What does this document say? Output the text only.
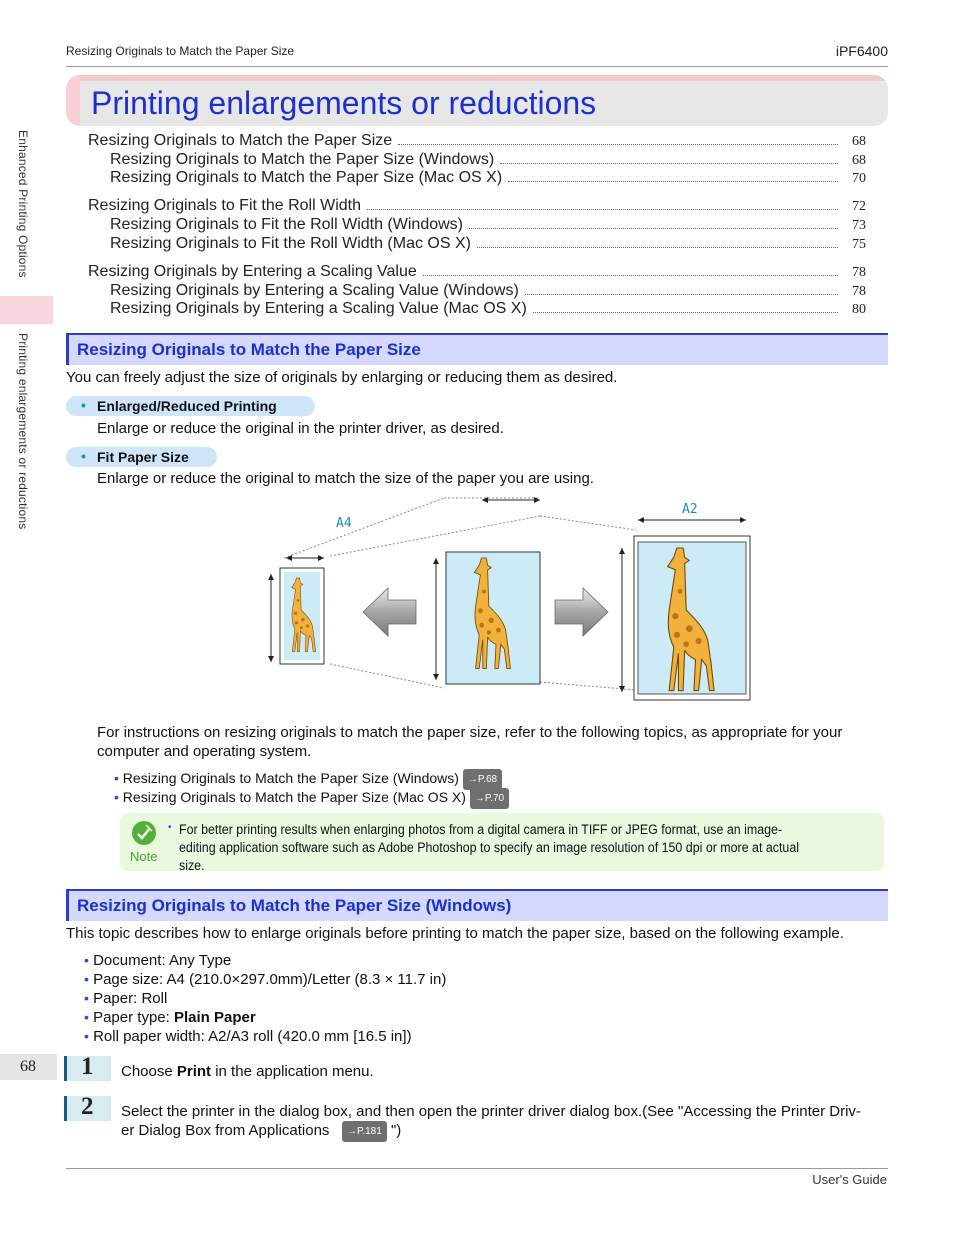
Resizing Originals to Match the Paper Size	iPF6400
Enhanced Printing Options
Printing enlargements or reductions
Printing enlargements or reductions
Resizing Originals to Match the Paper Size	68
Resizing Originals to Match the Paper Size (Windows)	68
Resizing Originals to Match the Paper Size (Mac OS X)	70
Resizing Originals to Fit the Roll Width	72
Resizing Originals to Fit the Roll Width (Windows)	73
Resizing Originals to Fit the Roll Width (Mac OS X)	75
Resizing Originals by Entering a Scaling Value	78
Resizing Originals by Entering a Scaling Value (Windows)	78
Resizing Originals by Entering a Scaling Value (Mac OS X)	80
Resizing Originals to Match the Paper Size
You can freely adjust the size of originals by enlarging or reducing them as desired.
• Enlarged/Reduced Printing
Enlarge or reduce the original in the printer driver, as desired.
• Fit Paper Size
Enlarge or reduce the original to match the size of the paper you are using.
A4
A2
For instructions on resizing originals to match the paper size, refer to the following topics, as appropriate for your computer and operating system.
• Resizing Originals to Match the Paper Size (Windows) →P.68
• Resizing Originals to Match the Paper Size (Mac OS X) →P.70
Note
• For better printing results when enlarging photos from a digital camera in TIFF or JPEG format, use an image-editing application software such as Adobe Photoshop to specify an image resolution of 150 dpi or more at actual size.
Resizing Originals to Match the Paper Size (Windows)
This topic describes how to enlarge originals before printing to match the paper size, based on the following example.
• Document: Any Type
• Page size: A4 (210.0×297.0mm)/Letter (8.3 × 11.7 in)
• Paper: Roll
• Paper type: Plain Paper
• Roll paper width: A2/A3 roll (420.0 mm [16.5 in])
68 1 Choose Print in the application menu.
2 Select the printer in the dialog box, and then open the printer driver dialog box.(See "Accessing the Printer Driv-
er Dialog Box from Applications →P.181 ")
User's Guide
